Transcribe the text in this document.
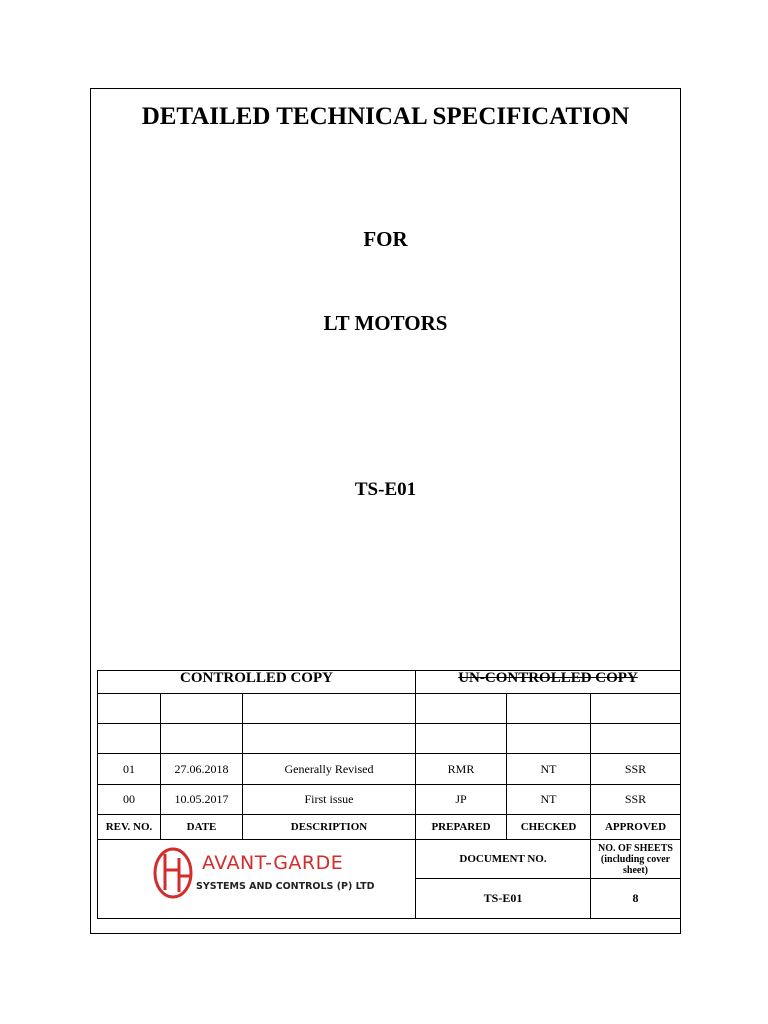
DETAILED TECHNICAL SPECIFICATION
FOR
LT MOTORS
TS-E01
CONTROLLED COPY	UN-CONTROLLED COPY
01	27.06.2018	Generally Revised	RMR	NT	SSR
00	10.05.2017	First issue	JP	NT	SSR
REV. NO.	DATE	DESCRIPTION	PREPARED	CHECKED	APPROVED
DOCUMENT NO.
NO. OF SHEETS (including cover sheet)
TS-E01	8
AVANT-GARDE
SYSTEMS AND CONTROLS (P) LTD
